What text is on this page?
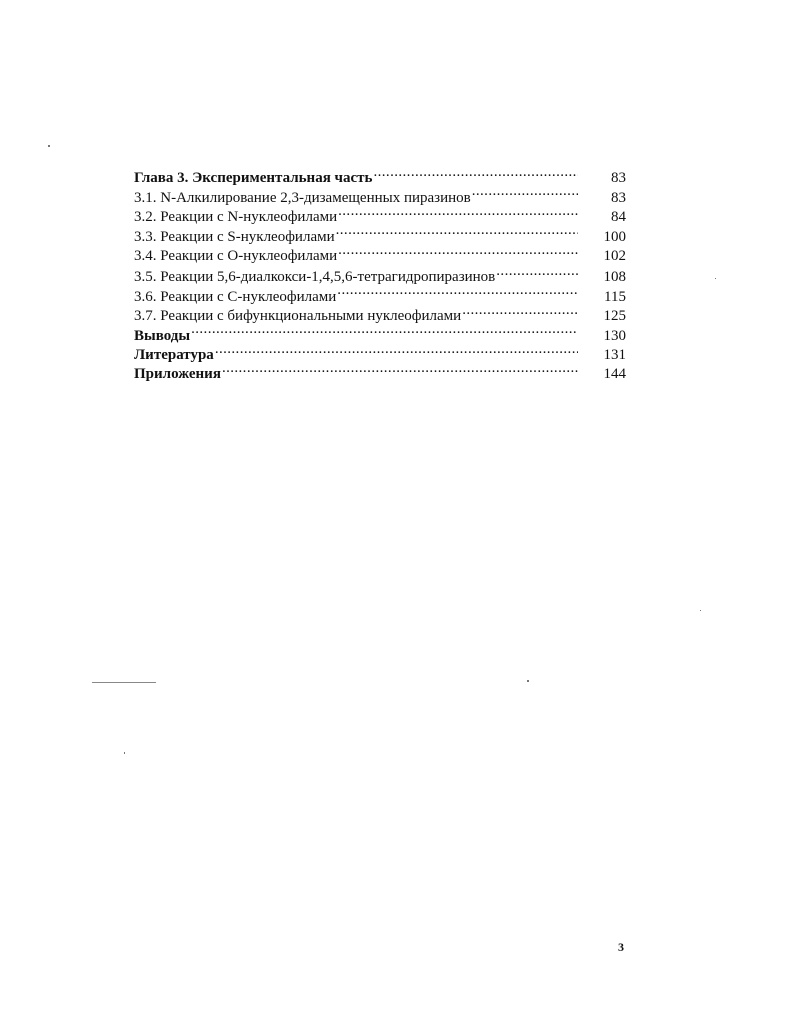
Глава 3. Экспериментальная часть .....	83
3.1. N-Алкилирование 2,3-дизамещенных пиразинов .....	83
3.2. Реакции с N-нуклеофилами .....	84
3.3. Реакции с S-нуклеофилами .....	100
3.4. Реакции с О-нуклеофилами .....	102
3.5. Реакции 5,6-диалкокси-1,4,5,6-тетрагидропиразинов .....	108
3.6. Реакции с С-нуклеофилами .....	115
3.7. Реакции с бифункциональными нуклеофилами .....	125
Выводы .....	130
Литература .....	131
Приложения .....	144
3
